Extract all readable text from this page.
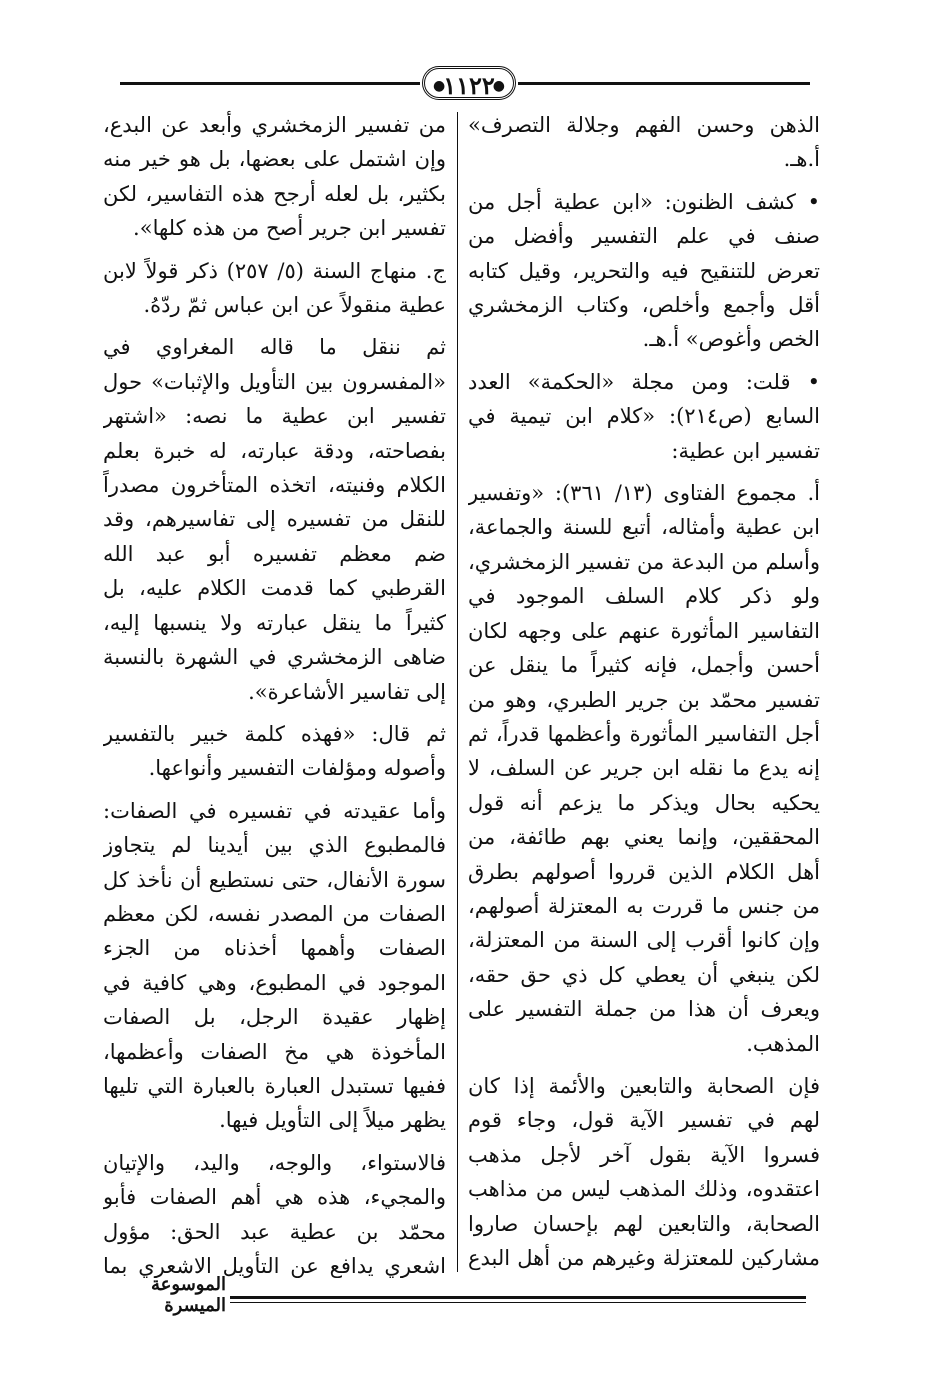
●
١١٢٢
●

الذهن وحسن الفهم وجلالة التصرف» أ.هـ.

• كشف الظنون: «ابن عطية أجل من صنف في علم التفسير وأفضل من تعرض للتنقيح فيه والتحرير، وقيل كتابه أقل وأجمع وأخلص، وكتاب الزمخشري الخص وأغوص» أ.هـ.

• قلت: ومن مجلة «الحكمة» العدد السابع (ص٢١٤): «كلام ابن تيمية في تفسير ابن عطية:

أ. مجموع الفتاوى (١٣/ ٣٦١): «وتفسير ابن عطية وأمثاله، أتبع للسنة والجماعة، وأسلم من البدعة من تفسير الزمخشري، ولو ذكر كلام السلف الموجود في التفاسير المأثورة عنهم على وجهه لكان أحسن وأجمل، فإنه كثيراً ما ينقل عن تفسير محمّد بن جرير الطبري، وهو من أجل التفاسير المأثورة وأعظمها قدراً، ثم إنه يدع ما نقله ابن جرير عن السلف، لا يحكيه بحال ويذكر ما يزعم أنه قول المحققين، وإنما يعني بهم طائفة، من أهل الكلام الذين قرروا أصولهم بطرق من جنس ما قررت به المعتزلة أصولهم، وإن كانوا أقرب إلى السنة من المعتزلة، لكن ينبغي أن يعطي كل ذي حق حقه، ويعرف أن هذا من جملة التفسير على المذهب.

فإن الصحابة والتابعين والأئمة إذا كان لهم في تفسير الآية قول، وجاء قوم فسروا الآية بقول آخر لأجل مذهب اعتقدوه، وذلك المذهب ليس من مذاهب الصحابة، والتابعين لهم بإحسان صاروا مشاركين للمعتزلة وغيرهم من أهل البدع

من تفسير الزمخشري وأبعد عن البدع، وإن اشتمل على بعضها، بل هو خير منه بكثير، بل لعله أرجح هذه التفاسير، لكن تفسير ابن جرير أصح من هذه كلها».

ج. منهاج السنة (٥/ ٢٥٧) ذكر قولاً لابن عطية منقولاً عن ابن عباس ثمّ ردّهُ.

ثم ننقل ما قاله المغراوي في «المفسرون بين التأويل والإثبات» حول تفسير ابن عطية ما نصه: «اشتهر بفصاحته، ودقة عبارته، له خبرة بعلم الكلام وفنيته، اتخذه المتأخرون مصدراً للنقل من تفسيره إلى تفاسيرهم، وقد ضم معظم تفسيره أبو عبد الله القرطبي كما قدمت الكلام عليه، بل كثيراً ما ينقل عبارته ولا ينسبها إليه، ضاهى الزمخشري في الشهرة بالنسبة إلى تفاسير الأشاعرة».

ثم قال: «فهذه كلمة خبير بالتفسير وأصوله ومؤلفات التفسير وأنواعها.

وأما عقيدته في تفسيره في الصفات: فالمطبوع الذي بين أيدينا لم يتجاوز سورة الأنفال، حتى نستطيع أن نأخذ كل الصفات من المصدر نفسه، لكن معظم الصفات وأهمها أخذناه من الجزء الموجود في المطبوع، وهي كافية في إظهار عقيدة الرجل، بل الصفات المأخوذة هي مخ الصفات وأعظمها، ففيها تستبدل العبارة بالعبارة التي تليها يظهر ميلاً إلى التأويل فيها.

فالاستواء، والوجه، واليد، والإتيان والمجيء، هذه هي أهم الصفات فأبو محمّد بن عطية عبد الحق: مؤول اشعري يدافع عن التأويل الاشعري بما

الموسوعة الميسرة
